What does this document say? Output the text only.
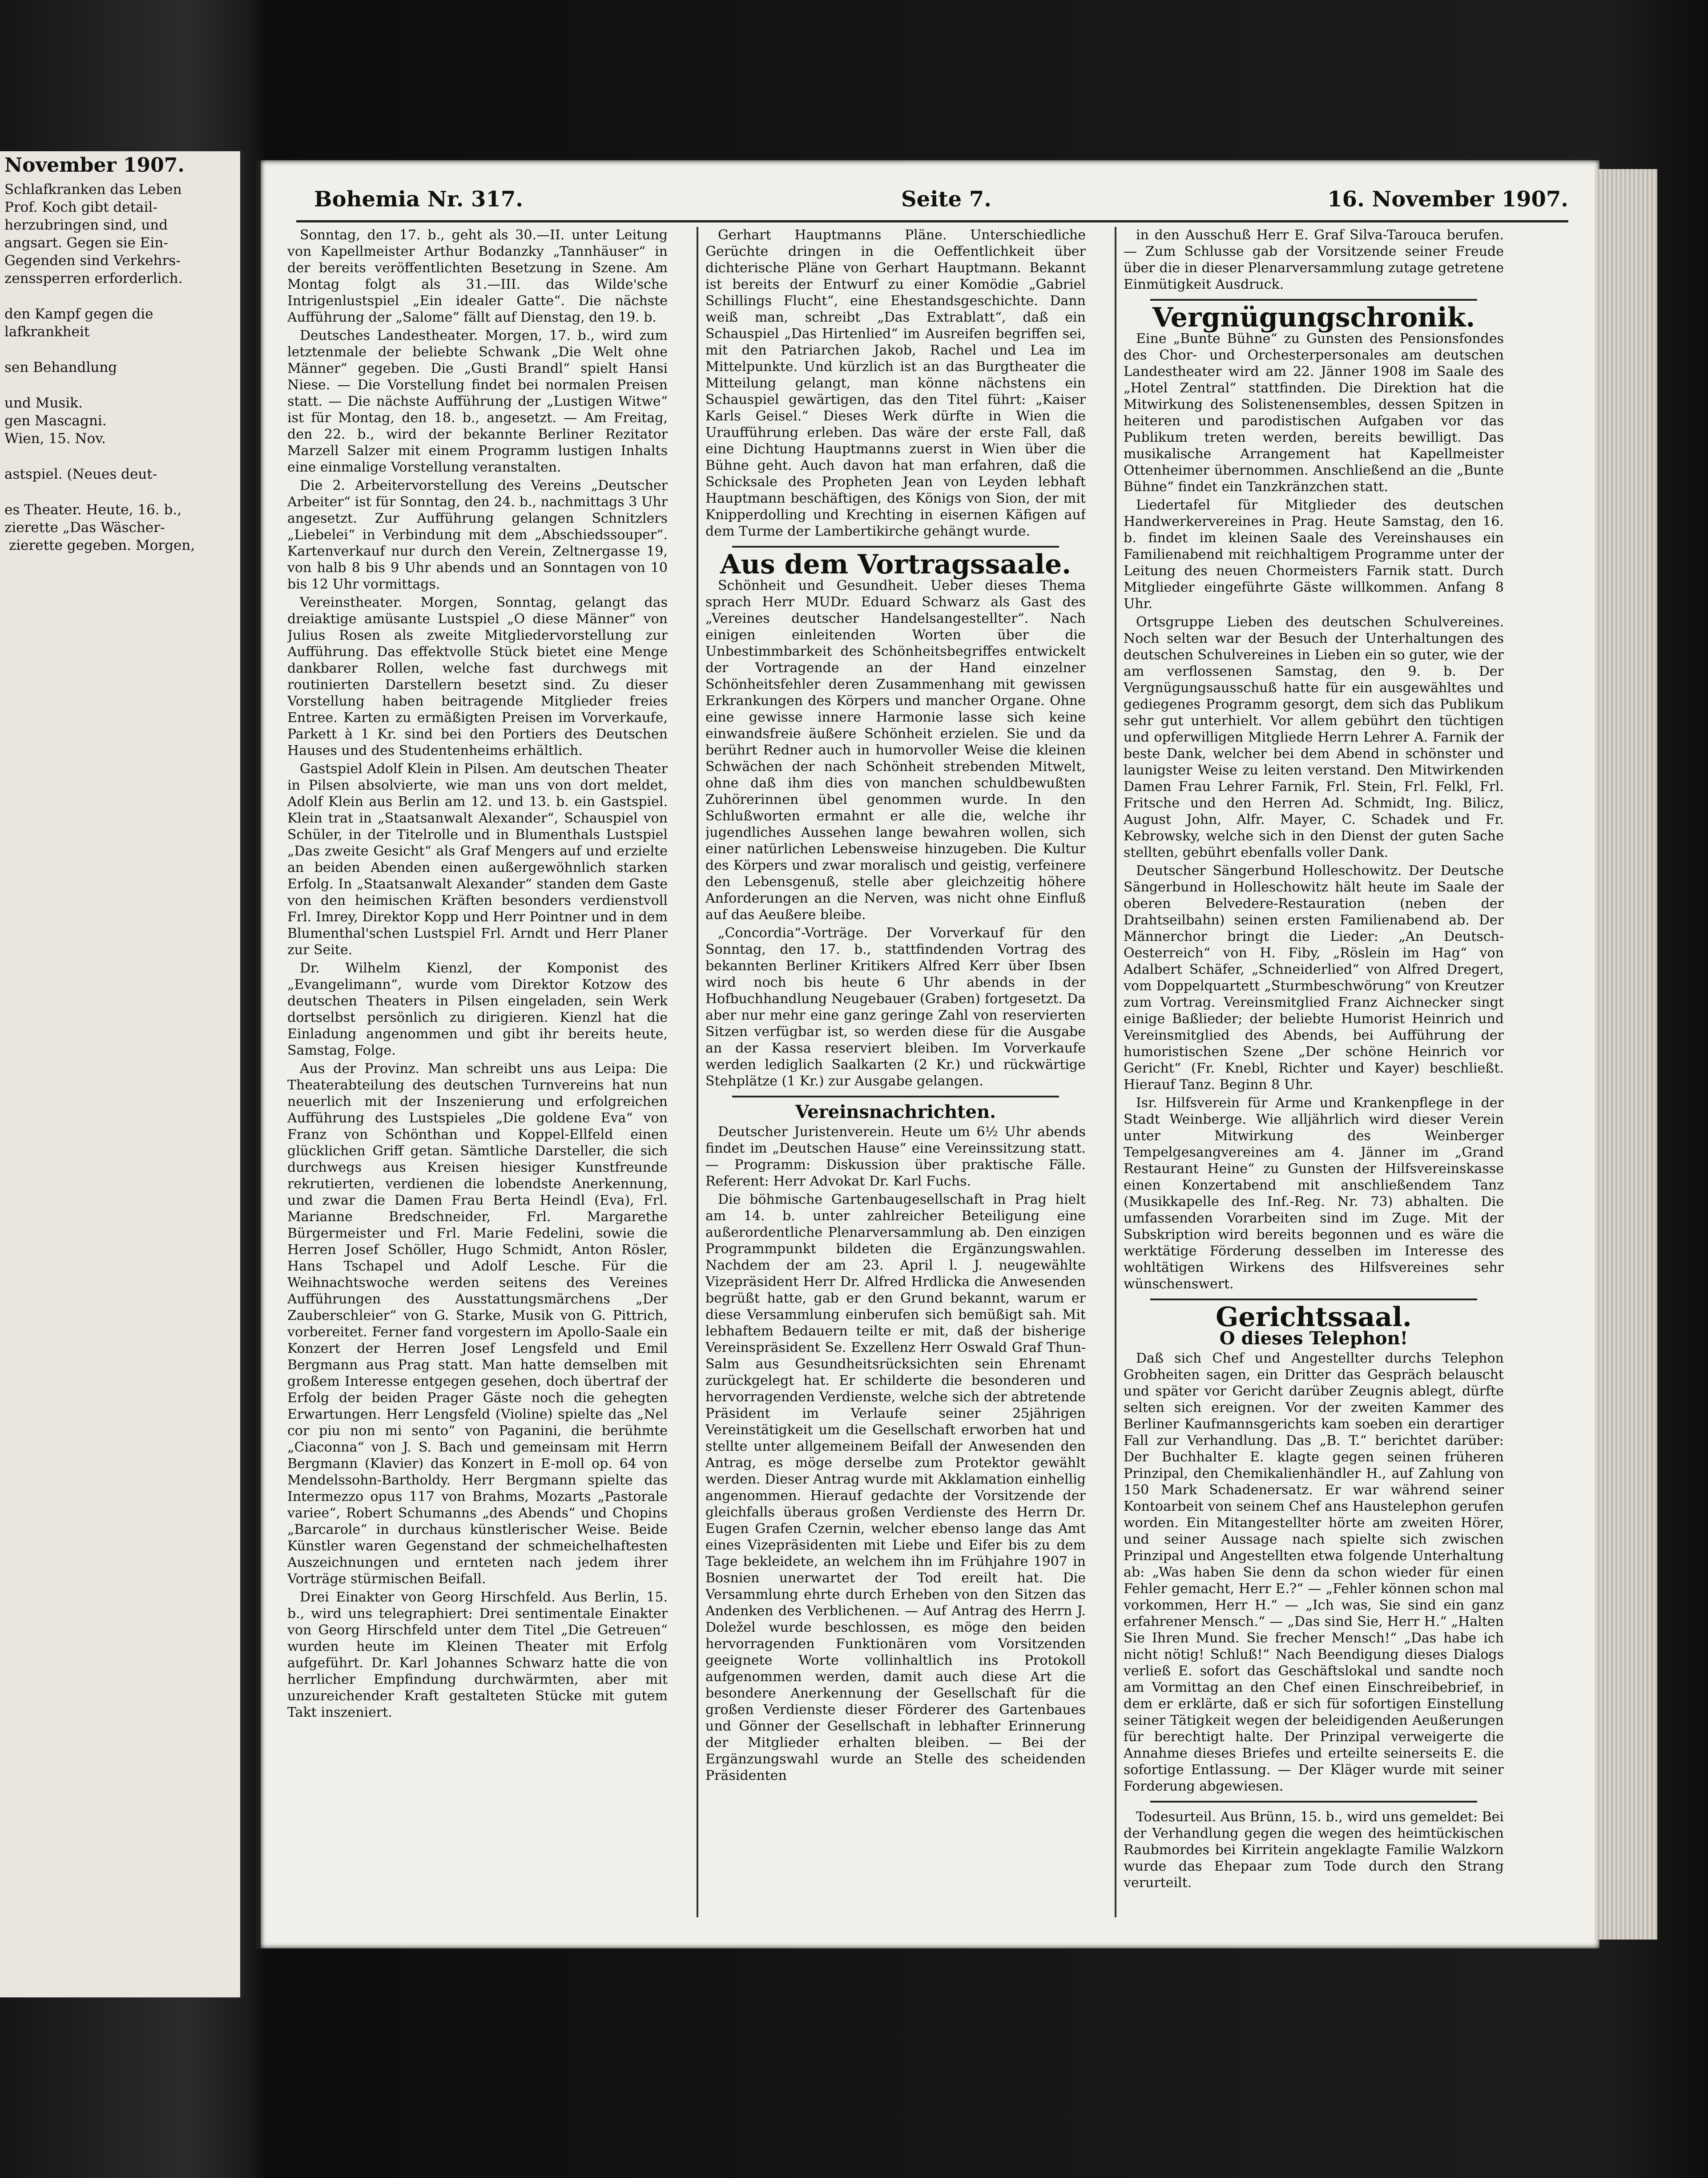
November 1907.
Schlafkranken das Leben
Prof. Koch gibt detail-
herzubringen sind, und
angsart. Gegen sie Ein-
Gegenden sind Verkehrs-
zenssperren erforderlich.

den Kampf gegen die
lafkrankheit

sen Behandlung

und Musik.
gen Mascagni.
Wien, 15. Nov.

astspiel. (Neues deut-

es Theater. Heute, 16. b.,
zierette „Das Wäscher-
zierette gegeben. Morgen,
Bohemia Nr. 317.	Seite 7.	16. November 1907.

Sonntag, den 17. b., geht als 30.—II. unter Leitung von Kapellmeister Arthur Bodanzky „Tannhäuser“ in der bereits veröffentlichten Besetzung in Szene. Am Montag folgt als 31.—III. das Wilde'sche Intrigenlustspiel „Ein idealer Gatte“. Die nächste Aufführung der „Salome“ fällt auf Dienstag, den 19. b.

Deutsches Landestheater. Morgen, 17. b., wird zum letztenmale der beliebte Schwank „Die Welt ohne Männer“ gegeben. Die „Gusti Brandl“ spielt Hansi Niese. — Die Vorstellung findet bei normalen Preisen statt. — Die nächste Aufführung der „Lustigen Witwe“ ist für Montag, den 18. b., angesetzt. — Am Freitag, den 22. b., wird der bekannte Berliner Rezitator Marzell Salzer mit einem Programm lustigen Inhalts eine einmalige Vorstellung veranstalten.

Die 2. Arbeitervorstellung des Vereins „Deutscher Arbeiter“ ist für Sonntag, den 24. b., nachmittags 3 Uhr angesetzt. Zur Aufführung gelangen Schnitzlers „Liebelei“ in Verbindung mit dem „Abschiedssouper“. Kartenverkauf nur durch den Verein, Zeltnergasse 19, von halb 8 bis 9 Uhr abends und an Sonntagen von 10 bis 12 Uhr vormittags.

Vereinstheater. Morgen, Sonntag, gelangt das dreiaktige amüsante Lustspiel „O diese Männer“ von Julius Rosen als zweite Mitgliedervorstellung zur Aufführung. Das effektvolle Stück bietet eine Menge dankbarer Rollen, welche fast durchwegs mit routinierten Darstellern besetzt sind. Zu dieser Vorstellung haben beitragende Mitglieder freies Entree. Karten zu ermäßigten Preisen im Vorverkaufe, Parkett à 1 Kr. sind bei den Portiers des Deutschen Hauses und des Studentenheims erhältlich.

Gastspiel Adolf Klein in Pilsen. Am deutschen Theater in Pilsen absolvierte, wie man uns von dort meldet, Adolf Klein aus Berlin am 12. und 13. b. ein Gastspiel. Klein trat in „Staatsanwalt Alexander“, Schauspiel von Schüler, in der Titelrolle und in Blumenthals Lustspiel „Das zweite Gesicht“ als Graf Mengers auf und erzielte an beiden Abenden einen außergewöhnlich starken Erfolg. In „Staatsanwalt Alexander“ standen dem Gaste von den heimischen Kräften besonders verdienstvoll Frl. Imrey, Direktor Kopp und Herr Pointner und in dem Blumenthal'schen Lustspiel Frl. Arndt und Herr Planer zur Seite.

Dr. Wilhelm Kienzl, der Komponist des „Evangelimann“, wurde vom Direktor Kotzow des deutschen Theaters in Pilsen eingeladen, sein Werk dortselbst persönlich zu dirigieren. Kienzl hat die Einladung angenommen und gibt ihr bereits heute, Samstag, Folge.

Aus der Provinz. Man schreibt uns aus Leipa: Die Theaterabteilung des deutschen Turnvereins hat nun neuerlich mit der Inszenierung und erfolgreichen Aufführung des Lustspieles „Die goldene Eva“ von Franz von Schönthan und Koppel-Ellfeld einen glücklichen Griff getan. Sämtliche Darsteller, die sich durchwegs aus Kreisen hiesiger Kunstfreunde rekrutierten, verdienen die lobendste Anerkennung, und zwar die Damen Frau Berta Heindl (Eva), Frl. Marianne Bredschneider, Frl. Margarethe Bürgermeister und Frl. Marie Fedelini, sowie die Herren Josef Schöller, Hugo Schmidt, Anton Rösler, Hans Tschapel und Adolf Lesche. Für die Weihnachtswoche werden seitens des Vereines Aufführungen des Ausstattungsmärchens „Der Zauberschleier“ von G. Starke, Musik von G. Pittrich, vorbereitet. Ferner fand vorgestern im Apollo-Saale ein Konzert der Herren Josef Lengsfeld und Emil Bergmann aus Prag statt. Man hatte demselben mit großem Interesse entgegen gesehen, doch übertraf der Erfolg der beiden Prager Gäste noch die gehegten Erwartungen. Herr Lengsfeld (Violine) spielte das „Nel cor piu non mi sento“ von Paganini, die berühmte „Ciaconna“ von J. S. Bach und gemeinsam mit Herrn Bergmann (Klavier) das Konzert in E-moll op. 64 von Mendelssohn-Bartholdy. Herr Bergmann spielte das Intermezzo opus 117 von Brahms, Mozarts „Pastorale variee“, Robert Schumanns „des Abends“ und Chopins „Barcarole“ in durchaus künstlerischer Weise. Beide Künstler waren Gegenstand der schmeichelhaftesten Auszeichnungen und ernteten nach jedem ihrer Vorträge stürmischen Beifall.

Drei Einakter von Georg Hirschfeld. Aus Berlin, 15. b., wird uns telegraphiert: Drei sentimentale Einakter von Georg Hirschfeld unter dem Titel „Die Getreuen“ wurden heute im Kleinen Theater mit Erfolg aufgeführt. Dr. Karl Johannes Schwarz hatte die von herrlicher Empfindung durchwärmten, aber mit unzureichender Kraft gestalteten Stücke mit gutem Takt inszeniert.

Gerhart Hauptmanns Pläne. Unterschiedliche Gerüchte dringen in die Oeffentlichkeit über dichterische Pläne von Gerhart Hauptmann. Bekannt ist bereits der Entwurf zu einer Komödie „Gabriel Schillings Flucht“, eine Ehestandsgeschichte. Dann weiß man, schreibt „Das Extrablatt“, daß ein Schauspiel „Das Hirtenlied“ im Ausreifen begriffen sei, mit den Patriarchen Jakob, Rachel und Lea im Mittelpunkte. Und kürzlich ist an das Burgtheater die Mitteilung gelangt, man könne nächstens ein Schauspiel gewärtigen, das den Titel führt: „Kaiser Karls Geisel.“ Dieses Werk dürfte in Wien die Uraufführung erleben. Das wäre der erste Fall, daß eine Dichtung Hauptmanns zuerst in Wien über die Bühne geht. Auch davon hat man erfahren, daß die Schicksale des Propheten Jean von Leyden lebhaft Hauptmann beschäftigen, des Königs von Sion, der mit Knipperdolling und Krechting in eisernen Käfigen auf dem Turme der Lambertikirche gehängt wurde.

Aus dem Vortragssaale.

Schönheit und Gesundheit. Ueber dieses Thema sprach Herr MUDr. Eduard Schwarz als Gast des „Vereines deutscher Handelsangestellter“. Nach einigen einleitenden Worten über die Unbestimmbarkeit des Schönheitsbegriffes entwickelt der Vortragende an der Hand einzelner Schönheitsfehler deren Zusammenhang mit gewissen Erkrankungen des Körpers und mancher Organe. Ohne eine gewisse innere Harmonie lasse sich keine einwandsfreie äußere Schönheit erzielen. Sie und da berührt Redner auch in humorvoller Weise die kleinen Schwächen der nach Schönheit strebenden Mitwelt, ohne daß ihm dies von manchen schuldbewußten Zuhörerinnen übel genommen wurde. In den Schlußworten ermahnt er alle die, welche ihr jugendliches Aussehen lange bewahren wollen, sich einer natürlichen Lebensweise hinzugeben. Die Kultur des Körpers und zwar moralisch und geistig, verfeinere den Lebensgenuß, stelle aber gleichzeitig höhere Anforderungen an die Nerven, was nicht ohne Einfluß auf das Aeußere bleibe.

„Concordia“-Vorträge. Der Vorverkauf für den Sonntag, den 17. b., stattfindenden Vortrag des bekannten Berliner Kritikers Alfred Kerr über Ibsen wird noch bis heute 6 Uhr abends in der Hofbuchhandlung Neugebauer (Graben) fortgesetzt. Da aber nur mehr eine ganz geringe Zahl von reservierten Sitzen verfügbar ist, so werden diese für die Ausgabe an der Kassa reserviert bleiben. Im Vorverkaufe werden lediglich Saalkarten (2 Kr.) und rückwärtige Stehplätze (1 Kr.) zur Ausgabe gelangen.

Vereinsnachrichten.

Deutscher Juristenverein. Heute um 6½ Uhr abends findet im „Deutschen Hause“ eine Vereinssitzung statt. — Programm: Diskussion über praktische Fälle. Referent: Herr Advokat Dr. Karl Fuchs.

Die böhmische Gartenbaugesellschaft in Prag hielt am 14. b. unter zahlreicher Beteiligung eine außerordentliche Plenarversammlung ab. Den einzigen Programmpunkt bildeten die Ergänzungswahlen. Nachdem der am 23. April l. J. neugewählte Vizepräsident Herr Dr. Alfred Hrdlicka die Anwesenden begrüßt hatte, gab er den Grund bekannt, warum er diese Versammlung einberufen sich bemüßigt sah. Mit lebhaftem Bedauern teilte er mit, daß der bisherige Vereinspräsident Se. Exzellenz Herr Oswald Graf Thun-Salm aus Gesundheitsrücksichten sein Ehrenamt zurückgelegt hat. Er schilderte die besonderen und hervorragenden Verdienste, welche sich der abtretende Präsident im Verlaufe seiner 25jährigen Vereinstätigkeit um die Gesellschaft erworben hat und stellte unter allgemeinem Beifall der Anwesenden den Antrag, es möge derselbe zum Protektor gewählt werden. Dieser Antrag wurde mit Akklamation einhellig angenommen. Hierauf gedachte der Vorsitzende der gleichfalls überaus großen Verdienste des Herrn Dr. Eugen Grafen Czernin, welcher ebenso lange das Amt eines Vizepräsidenten mit Liebe und Eifer bis zu dem Tage bekleidete, an welchem ihn im Frühjahre 1907 in Bosnien unerwartet der Tod ereilt hat. Die Versammlung ehrte durch Erheben von den Sitzen das Andenken des Verblichenen. — Auf Antrag des Herrn J. Doležel wurde beschlossen, es möge den beiden hervorragenden Funktionären vom Vorsitzenden geeignete Worte vollinhaltlich ins Protokoll aufgenommen werden, damit auch diese Art die besondere Anerkennung der Gesellschaft für die großen Verdienste dieser Förderer des Gartenbaues und Gönner der Gesellschaft in lebhafter Erinnerung der Mitglieder erhalten bleiben. — Bei der Ergänzungswahl wurde an Stelle des scheidenden Präsidenten

in den Ausschuß Herr E. Graf Silva-Tarouca berufen. — Zum Schlusse gab der Vorsitzende seiner Freude über die in dieser Plenarversammlung zutage getretene Einmütigkeit Ausdruck.

Vergnügungschronik.

Eine „Bunte Bühne“ zu Gunsten des Pensionsfondes des Chor- und Orchesterpersonales am deutschen Landestheater wird am 22. Jänner 1908 im Saale des „Hotel Zentral“ stattfinden. Die Direktion hat die Mitwirkung des Solistenensembles, dessen Spitzen in heiteren und parodistischen Aufgaben vor das Publikum treten werden, bereits bewilligt. Das musikalische Arrangement hat Kapellmeister Ottenheimer übernommen. Anschließend an die „Bunte Bühne“ findet ein Tanzkränzchen statt.

Liedertafel für Mitglieder des deutschen Handwerkervereines in Prag. Heute Samstag, den 16. b. findet im kleinen Saale des Vereinshauses ein Familienabend mit reichhaltigem Programme unter der Leitung des neuen Chormeisters Farnik statt. Durch Mitglieder eingeführte Gäste willkommen. Anfang 8 Uhr.

Ortsgruppe Lieben des deutschen Schulvereines. Noch selten war der Besuch der Unterhaltungen des deutschen Schulvereines in Lieben ein so guter, wie der am verflossenen Samstag, den 9. b. Der Vergnügungsausschuß hatte für ein ausgewähltes und gediegenes Programm gesorgt, dem sich das Publikum sehr gut unterhielt. Vor allem gebührt den tüchtigen und opferwilligen Mitgliede Herrn Lehrer A. Farnik der beste Dank, welcher bei dem Abend in schönster und launigster Weise zu leiten verstand. Den Mitwirkenden Damen Frau Lehrer Farnik, Frl. Stein, Frl. Felkl, Frl. Fritsche und den Herren Ad. Schmidt, Ing. Bilicz, August John, Alfr. Mayer, C. Schadek und Fr. Kebrowsky, welche sich in den Dienst der guten Sache stellten, gebührt ebenfalls voller Dank.

Deutscher Sängerbund Holleschowitz. Der Deutsche Sängerbund in Holleschowitz hält heute im Saale der oberen Belvedere-Restauration (neben der Drahtseilbahn) seinen ersten Familienabend ab. Der Männerchor bringt die Lieder: „An Deutsch-Oesterreich“ von H. Fiby, „Röslein im Hag“ von Adalbert Schäfer, „Schneiderlied“ von Alfred Dregert, vom Doppelquartett „Sturmbeschwörung“ von Kreutzer zum Vortrag. Vereinsmitglied Franz Aichnecker singt einige Baßlieder; der beliebte Humorist Heinrich und Vereinsmitglied des Abends, bei Aufführung der humoristischen Szene „Der schöne Heinrich vor Gericht“ (Fr. Knebl, Richter und Kayer) beschließt. Hierauf Tanz. Beginn 8 Uhr.

Isr. Hilfsverein für Arme und Krankenpflege in der Stadt Weinberge. Wie alljährlich wird dieser Verein unter Mitwirkung des Weinberger Tempelgesangvereines am 4. Jänner im „Grand Restaurant Heine“ zu Gunsten der Hilfsvereinskasse einen Konzertabend mit anschließendem Tanz (Musikkapelle des Inf.-Reg. Nr. 73) abhalten. Die umfassenden Vorarbeiten sind im Zuge. Mit der Subskription wird bereits begonnen und es wäre die werktätige Förderung desselben im Interesse des wohltätigen Wirkens des Hilfsvereines sehr wünschenswert.

Gerichtssaal.
O dieses Telephon!

Daß sich Chef und Angestellter durchs Telephon Grobheiten sagen, ein Dritter das Gespräch belauscht und später vor Gericht darüber Zeugnis ablegt, dürfte selten sich ereignen. Vor der zweiten Kammer des Berliner Kaufmannsgerichts kam soeben ein derartiger Fall zur Verhandlung. Das „B. T.“ berichtet darüber: Der Buchhalter E. klagte gegen seinen früheren Prinzipal, den Chemikalienhändler H., auf Zahlung von 150 Mark Schadenersatz. Er war während seiner Kontoarbeit von seinem Chef ans Haustelephon gerufen worden. Ein Mitangestellter hörte am zweiten Hörer, und seiner Aussage nach spielte sich zwischen Prinzipal und Angestellten etwa folgende Unterhaltung ab: „Was haben Sie denn da schon wieder für einen Fehler gemacht, Herr E.?“ — „Fehler können schon mal vorkommen, Herr H.“ — „Ich was, Sie sind ein ganz erfahrener Mensch.“ — „Das sind Sie, Herr H.“ „Halten Sie Ihren Mund. Sie frecher Mensch!“ „Das habe ich nicht nötig! Schluß!“ Nach Beendigung dieses Dialogs verließ E. sofort das Geschäftslokal und sandte noch am Vormittag an den Chef einen Einschreibebrief, in dem er erklärte, daß er sich für sofortigen Einstellung seiner Tätigkeit wegen der beleidigenden Aeußerungen für berechtigt halte. Der Prinzipal verweigerte die Annahme dieses Briefes und erteilte seinerseits E. die sofortige Entlassung. — Der Kläger wurde mit seiner Forderung abgewiesen.

Todesurteil. Aus Brünn, 15. b., wird uns gemeldet: Bei der Verhandlung gegen die wegen des heimtückischen Raubmordes bei Kirritein angeklagte Familie Walzkorn wurde das Ehepaar zum Tode durch den Strang verurteilt.
